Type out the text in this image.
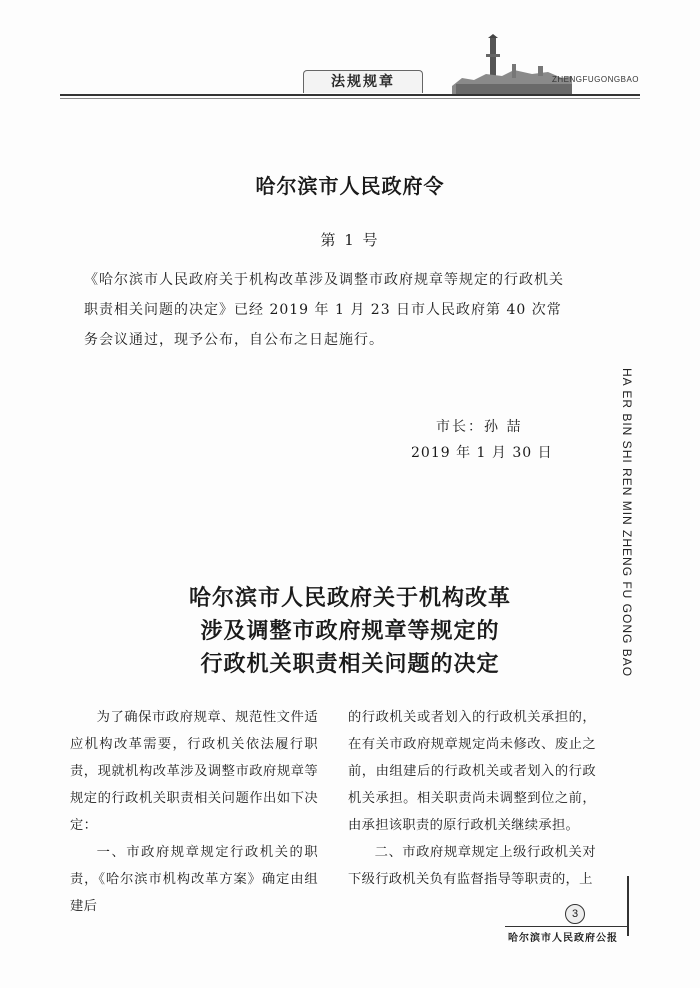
法规规章	ZHENGFUGONGBAO
哈尔滨市人民政府令
第 1 号
《哈尔滨市人民政府关于机构改革涉及调整市政府规章等规定的行政机关职责相关问题的决定》已经 2019 年 1 月 23 日市人民政府第 40 次常务会议通过，现予公布，自公布之日起施行。
市长：孙 喆
2019 年 1 月 30 日	HA ER BIN SHI REN MIN ZHENG FU GONG BAO
哈尔滨市人民政府关于机构改革
涉及调整市政府规章等规定的
行政机关职责相关问题的决定

为了确保市政府规章、规范性文件适应机构改革需要，行政机关依法履行职责，现就机构改革涉及调整市政府规章等规定的行政机关职责相关问题作出如下决定：

一、市政府规章规定行政机关的职责，《哈尔滨市机构改革方案》确定由组建后

的行政机关或者划入的行政机关承担的，在有关市政府规章规定尚未修改、废止之前，由组建后的行政机关或者划入的行政机关承担。相关职责尚未调整到位之前，由承担该职责的原行政机关继续承担。

二、市政府规章规定上级行政机关对下级行政机关负有监督指导等职责的，上

3
哈尔滨市人民政府公报
